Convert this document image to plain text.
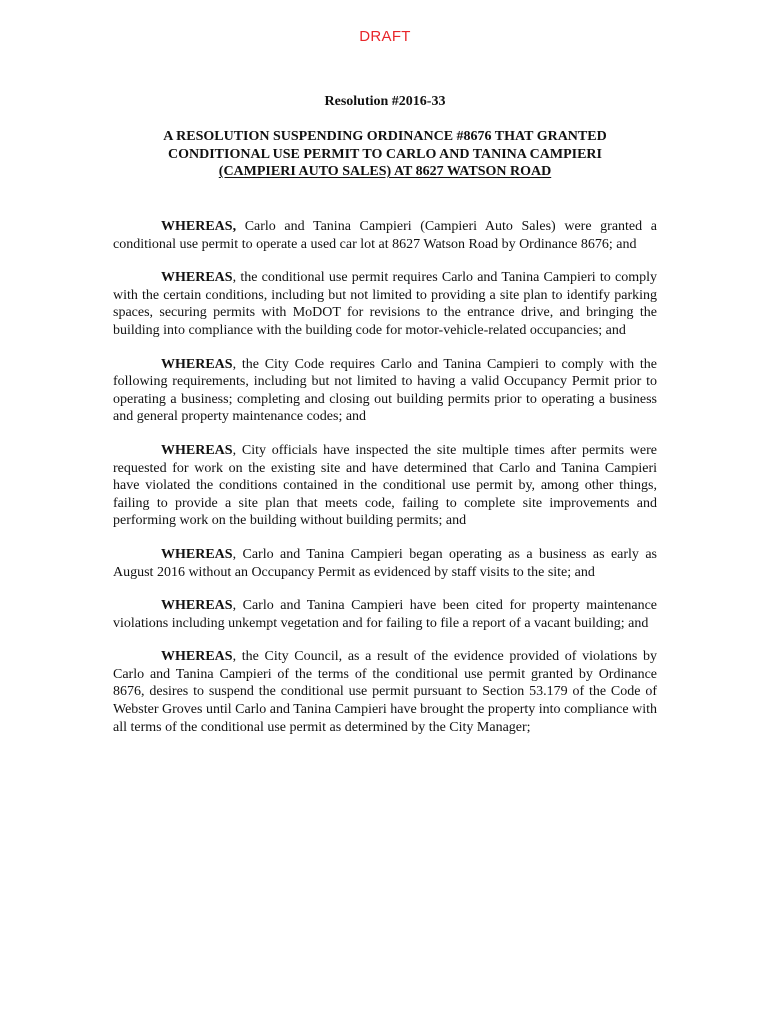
DRAFT
Resolution #2016-33
A RESOLUTION SUSPENDING ORDINANCE #8676 THAT GRANTED
CONDITIONAL USE PERMIT TO CARLO AND TANINA CAMPIERI
(CAMPIERI AUTO SALES) AT 8627 WATSON ROAD

WHEREAS, Carlo and Tanina Campieri (Campieri Auto Sales) were granted a conditional use permit to operate a used car lot at 8627 Watson Road by Ordinance 8676; and

WHEREAS, the conditional use permit requires Carlo and Tanina Campieri to comply with the certain conditions, including but not limited to providing a site plan to identify parking spaces, securing permits with MoDOT for revisions to the entrance drive, and bringing the building into compliance with the building code for motor-vehicle-related occupancies; and

WHEREAS, the City Code requires Carlo and Tanina Campieri to comply with the following requirements, including but not limited to having a valid Occupancy Permit prior to operating a business; completing and closing out building permits prior to operating a business and general property maintenance codes; and

WHEREAS, City officials have inspected the site multiple times after permits were requested for work on the existing site and have determined that Carlo and Tanina Campieri have violated the conditions contained in the conditional use permit by, among other things, failing to provide a site plan that meets code, failing to complete site improvements and performing work on the building without building permits; and

WHEREAS, Carlo and Tanina Campieri began operating as a business as early as August 2016 without an Occupancy Permit as evidenced by staff visits to the site; and

WHEREAS, Carlo and Tanina Campieri have been cited for property maintenance violations including unkempt vegetation and for failing to file a report of a vacant building; and

WHEREAS, the City Council, as a result of the evidence provided of violations by Carlo and Tanina Campieri of the terms of the conditional use permit granted by Ordinance 8676, desires to suspend the conditional use permit pursuant to Section 53.179 of the Code of Webster Groves until Carlo and Tanina Campieri have brought the property into compliance with all terms of the conditional use permit as determined by the City Manager;
